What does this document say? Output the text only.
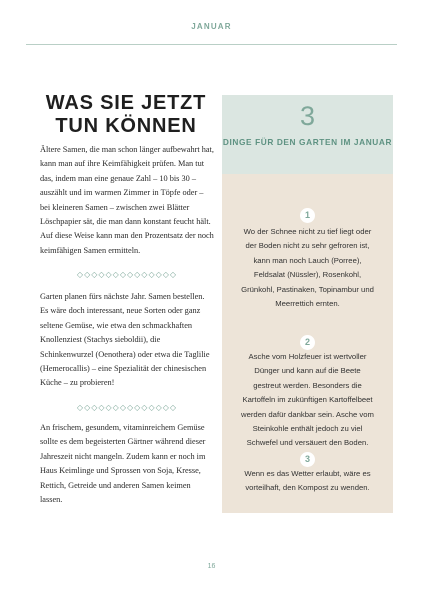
JANUAR
WAS SIE JETZT TUN KÖNNEN

Ältere Samen, die man schon länger aufbewahrt hat, kann man auf ihre Keimfähigkeit prüfen. Man tut das, indem man eine genaue Zahl – 10 bis 30 – auszählt und im warmen Zimmer in Töpfe oder – bei kleineren Samen – zwischen zwei Blätter Löschpapier sät, die man dann konstant feucht hält. Auf diese Weise kann man den Prozentsatz der noch keimfähigen Samen ermitteln.

◇◇◇◇◇◇◇◇◇◇◇◇◇◇

Garten planen fürs nächste Jahr. Samen bestellen. Es wäre doch interessant, neue Sorten oder ganz seltene Gemüse, wie etwa den schmackhaften Knollenziest (Stachys sieboldii), die Schinkenwurzel (Oenothera) oder etwa die Taglilie (Hemerocallis) – eine Spezialität der chinesischen Küche – zu probieren!

◇◇◇◇◇◇◇◇◇◇◇◇◇◇

An frischem, gesundem, vitaminreichem Gemüse sollte es dem begeisterten Gärtner während dieser Jahreszeit nicht mangeln. Zudem kann er noch im Haus Keimlinge und Sprossen von Soja, Kresse, Rettich, Getreide und anderen Samen keimen lassen.

3
DINGE FÜR DEN GARTEN IM JANUAR
1
Wo der Schnee nicht zu tief liegt oder der Boden nicht zu sehr gefroren ist, kann man noch Lauch (Porree), Feldsalat (Nüssler), Rosenkohl, Grünkohl, Pastinaken, Topinambur und Meerrettich ernten.
2
Asche vom Holzfeuer ist wertvoller Dünger und kann auf die Beete gestreut werden. Besonders die Kartoffeln im zukünftigen Kartoffelbeet werden dafür dankbar sein. Asche vom Steinkohle enthält jedoch zu viel Schwefel und versäuert den Boden.
3
Wenn es das Wetter erlaubt, wäre es vorteilhaft, den Kompost zu wenden.
16
